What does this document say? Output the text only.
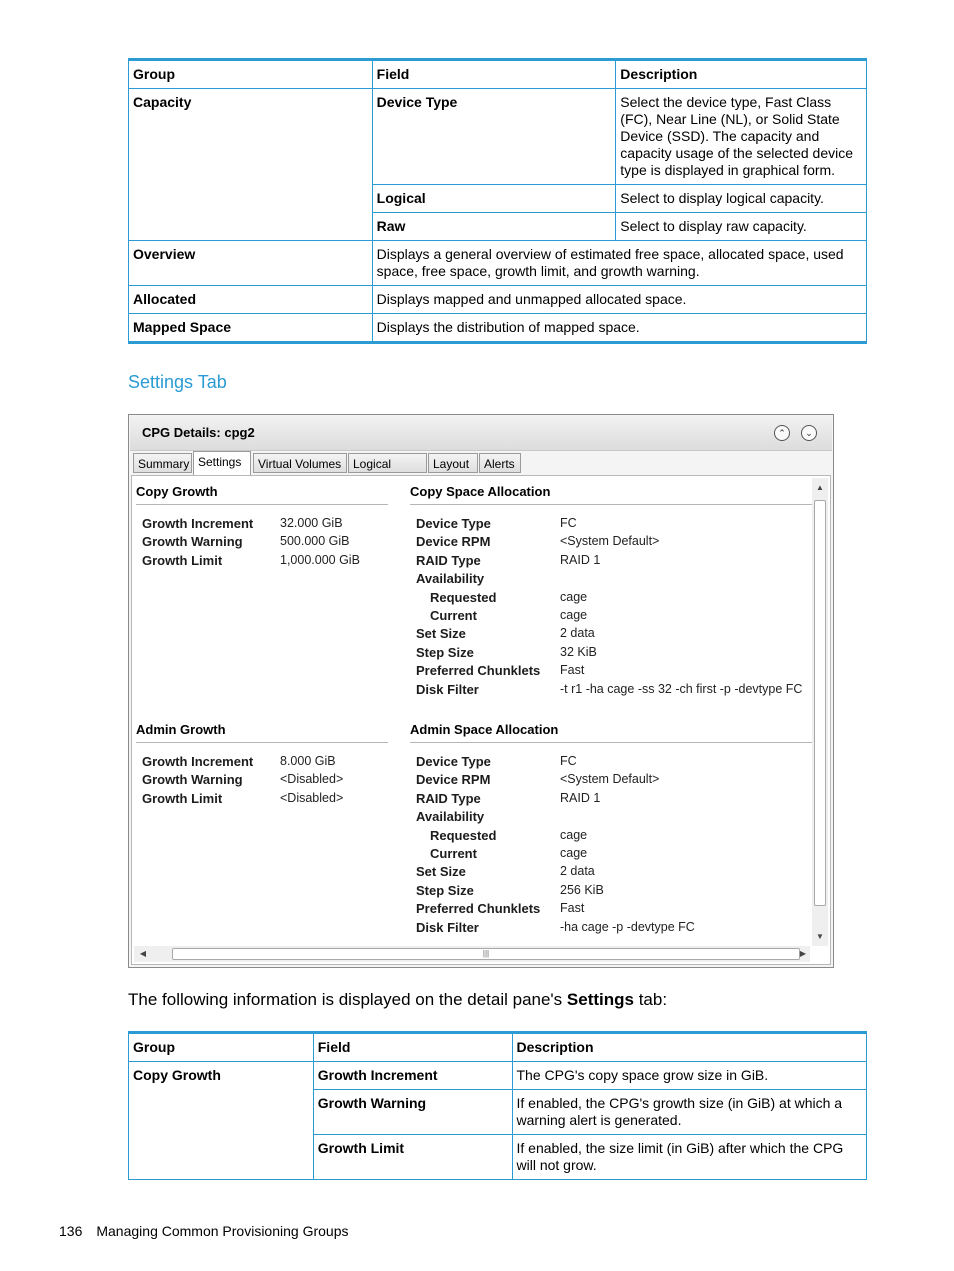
Group	Field	Description
Capacity	Device Type	Select the device type, Fast Class (FC), Near Line (NL), or Solid State Device (SSD). The capacity and capacity usage of the selected device type is displayed in graphical form.
	Logical	Select to display logical capacity.
	Raw	Select to display raw capacity.
Overview	Displays a general overview of estimated free space, allocated space, used space, free space, growth limit, and growth warning.	
Allocated	Displays mapped and unmapped allocated space.	
Mapped Space	Displays the distribution of mapped space.	
Settings Tab
CPG Details: cpg2	⌃	⌄
Summary Settings	Virtual Volumes Logical	Layout	Alerts
Copy Growth	Copy Space Allocation
Growth Increment 32.000 GiB
Growth Warning	500.000 GiB
Growth Limit	1,000.000 GiB
Device Type	FC
Device RPM	<System Default>
RAID Type	RAID 1
Availability
Requested	cage
Current	cage
Set Size	2 data
Step Size	32 KiB
Preferred Chunklets Fast
Disk Filter	-t r1 -ha cage -ss 32 -ch first -p -devtype FC
Admin Growth	Admin Space Allocation
Growth Increment 8.000 GiB
Growth Warning	<Disabled>
Growth Limit	<Disabled>
Device Type	FC
Device RPM	<System Default>
RAID Type	RAID 1
Availability
Requested	cage
Current	cage
Set Size	2 data
Step Size	256 KiB
Preferred Chunklets Fast
Disk Filter	-ha cage -p -devtype FC
▲
▼
◀	|||	▶
The following information is displayed on the detail pane's Settings tab:
Group	Field	Description
Copy Growth	Growth Increment	The CPG's copy space grow size in GiB.
	Growth Warning	If enabled, the CPG's growth size (in GiB) at which a warning alert is generated.
	Growth Limit	If enabled, the size limit (in GiB) after which the CPG will not grow.
136 Managing Common Provisioning Groups
